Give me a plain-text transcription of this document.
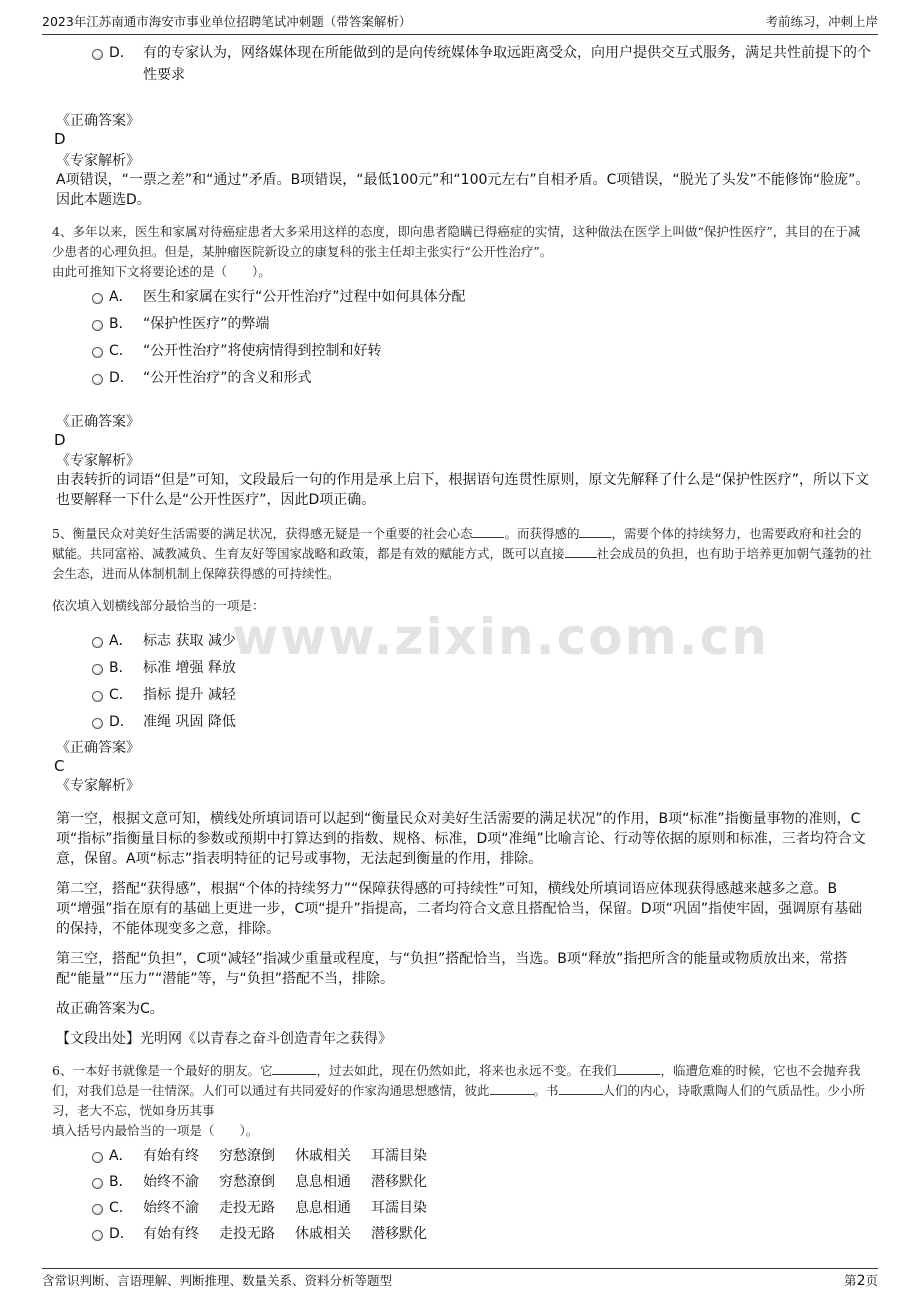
2023年江苏南通市海安市事业单位招聘笔试冲刺题（带答案解析）	考前练习，冲刺上岸
www.zixin.com.cn
D． 有的专家认为，网络媒体现在所能做到的是向传统媒体争取远距离受众，向用户提供交互式服务，满足共性前提下的个性要求
《正确答案》
D
《专家解析》
A项错误，“一票之差”和“通过”矛盾。B项错误，“最低100元”和“100元左右”自相矛盾。C项错误，“脱光了头发”不能修饰“脸庞”。因此本题选D。
4、多年以来，医生和家属对待癌症患者大多采用这样的态度，即向患者隐瞒已得癌症的实情，这种做法在医学上叫做“保护性医疗”，其目的在于减少患者的心理负担。但是，某肿瘤医院新设立的康复科的张主任却主张实行“公开性治疗”。
由此可推知下文将要论述的是（　　）。
A． 医生和家属在实行“公开性治疗”过程中如何具体分配
B． “保护性医疗”的弊端
C． “公开性治疗”将使病情得到控制和好转
D． “公开性治疗”的含义和形式
《正确答案》
D
《专家解析》
由表转折的词语“但是”可知，文段最后一句的作用是承上启下，根据语句连贯性原则，原文先解释了什么是“保护性医疗”，所以下文也要解释一下什么是“公开性医疗”，因此D项正确。
5、衡量民众对美好生活需要的满足状况，获得感无疑是一个重要的社会心态	。而获得感的	，需要个体的持续努力，也需要政府和社会的赋能。共同富裕、减教减负、生育友好等国家战略和政策，都是有效的赋能方式，既可以直接	社会成员的负担，也有助于培养更加朝气蓬勃的社会生态，进而从体制机制上保障获得感的可持续性。
依次填入划横线部分最恰当的一项是：
A． 标志 获取 减少
B． 标准 增强 释放
C． 指标 提升 减轻
D． 准绳 巩固 降低
《正确答案》
C
《专家解析》
第一空，根据文意可知，横线处所填词语可以起到“衡量民众对美好生活需要的满足状况”的作用，B项“标准”指衡量事物的准则，C项“指标”指衡量目标的参数或预期中打算达到的指数、规格、标准，D项“准绳”比喻言论、行动等依据的原则和标准，三者均符合文意，保留。A项“标志”指表明特征的记号或事物，无法起到衡量的作用，排除。
第二空，搭配“获得感”，根据“个体的持续努力”“保障获得感的可持续性”可知，横线处所填词语应体现获得感越来越多之意。B项“增强”指在原有的基础上更进一步，C项“提升”指提高，二者均符合文意且搭配恰当，保留。D项“巩固”指使牢固，强调原有基础的保持，不能体现变多之意，排除。
第三空，搭配“负担”，C项“减轻”指减少重量或程度，与“负担”搭配恰当，当选。B项“释放”指把所含的能量或物质放出来，常搭配“能量”“压力”“潜能”等，与“负担”搭配不当，排除。
故正确答案为C。
【文段出处】光明网《以青春之奋斗创造青年之获得》
6、一本好书就像是一个最好的朋友。它	，过去如此，现在仍然如此，将来也永远不变。在我们	，临遭危难的时候，它也不会抛弃我们，对我们总是一往情深。人们可以通过有共同爱好的作家沟通思想感情，彼此	。书	人们的内心，诗歌熏陶人们的气质品性。少小所习，老大不忘，恍如身历其事
填入括号内最恰当的一项是（　　）。
A． 有始有终 穷愁潦倒 休戚相关 耳濡目染
B． 始终不渝 穷愁潦倒 息息相通 潜移默化
C． 始终不渝 走投无路 息息相通 耳濡目染
D． 有始有终 走投无路 休戚相关 潜移默化
含常识判断、言语理解、判断推理、数量关系、资料分析等题型	第2页
